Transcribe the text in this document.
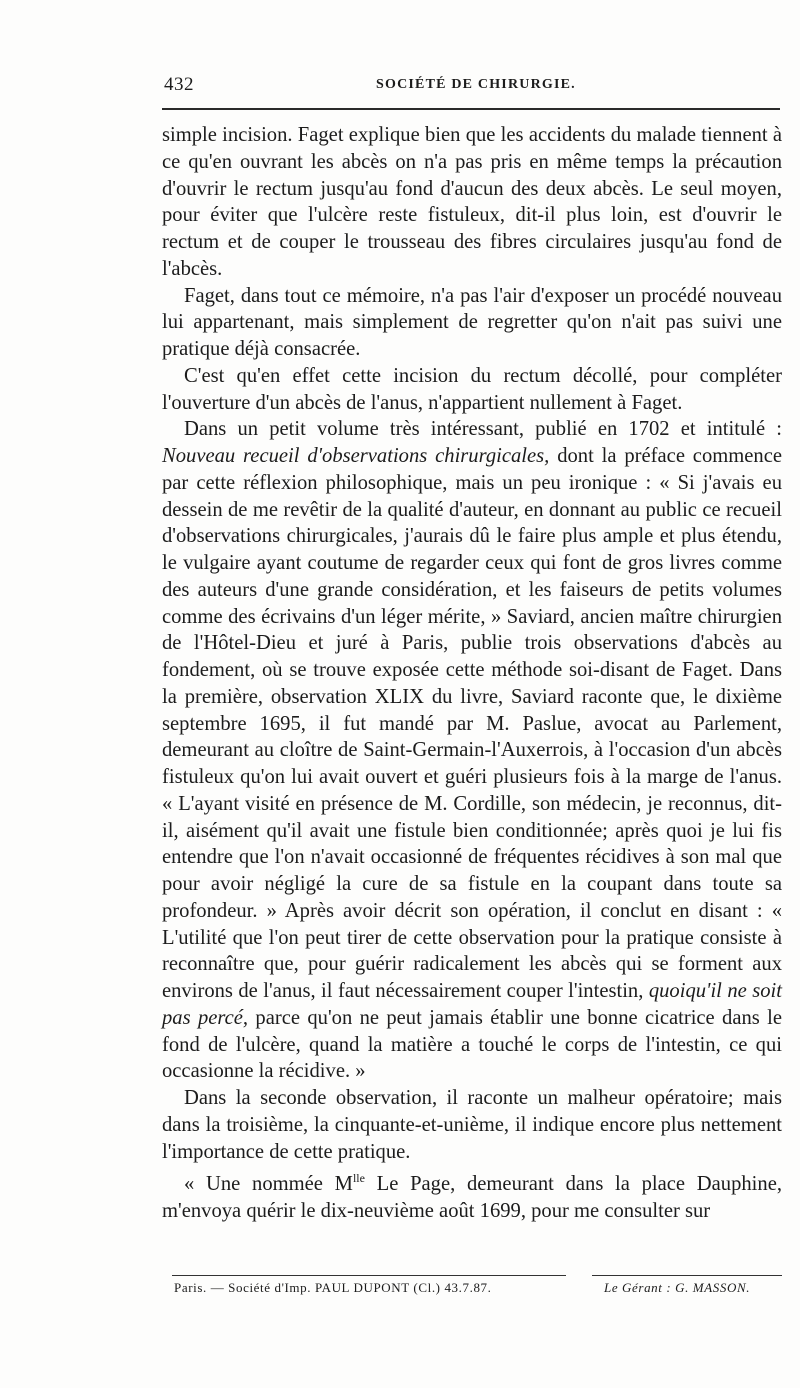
432	SOCIÉTÉ DE CHIRURGIE.

simple incision. Faget explique bien que les accidents du malade tiennent à ce qu'en ouvrant les abcès on n'a pas pris en même temps la précaution d'ouvrir le rectum jusqu'au fond d'aucun des deux abcès. Le seul moyen, pour éviter que l'ulcère reste fistuleux, dit-il plus loin, est d'ouvrir le rectum et de couper le trousseau des fibres circulaires jusqu'au fond de l'abcès.

Faget, dans tout ce mémoire, n'a pas l'air d'exposer un procédé nouveau lui appartenant, mais simplement de regretter qu'on n'ait pas suivi une pratique déjà consacrée.

C'est qu'en effet cette incision du rectum décollé, pour compléter l'ouverture d'un abcès de l'anus, n'appartient nullement à Faget.

Dans un petit volume très intéressant, publié en 1702 et intitulé : Nouveau recueil d'observations chirurgicales, dont la préface commence par cette réflexion philosophique, mais un peu ironique : « Si j'avais eu dessein de me revêtir de la qualité d'auteur, en donnant au public ce recueil d'observations chirurgicales, j'aurais dû le faire plus ample et plus étendu, le vulgaire ayant coutume de regarder ceux qui font de gros livres comme des auteurs d'une grande considération, et les faiseurs de petits volumes comme des écrivains d'un léger mérite, » Saviard, ancien maître chirurgien de l'Hôtel-Dieu et juré à Paris, publie trois observations d'abcès au fondement, où se trouve exposée cette méthode soi-disant de Faget. Dans la première, observation XLIX du livre, Saviard raconte que, le dixième septembre 1695, il fut mandé par M. Paslue, avocat au Parlement, demeurant au cloître de Saint-Germain-l'Auxerrois, à l'occasion d'un abcès fistuleux qu'on lui avait ouvert et guéri plusieurs fois à la marge de l'anus. « L'ayant visité en présence de M. Cordille, son médecin, je reconnus, dit-il, aisément qu'il avait une fistule bien conditionnée; après quoi je lui fis entendre que l'on n'avait occasionné de fréquentes récidives à son mal que pour avoir négligé la cure de sa fistule en la coupant dans toute sa profondeur. » Après avoir décrit son opération, il conclut en disant : « L'utilité que l'on peut tirer de cette observation pour la pratique consiste à reconnaître que, pour guérir radicalement les abcès qui se forment aux environs de l'anus, il faut nécessairement couper l'intestin, quoiqu'il ne soit pas percé, parce qu'on ne peut jamais établir une bonne cicatrice dans le fond de l'ulcère, quand la matière a touché le corps de l'intestin, ce qui occasionne la récidive. »

Dans la seconde observation, il raconte un malheur opératoire; mais dans la troisième, la cinquante-et-unième, il indique encore plus nettement l'importance de cette pratique.

« Une nommée $M^{lle}$ Le Page, demeurant dans la place Dauphine, m'envoya quérir le dix-neuvième août 1699, pour me consulter sur

Paris. — Société d'Imp. PAUL DUPONT (Cl.) 43.7.87.	Le Gérant : G. MASSON.
